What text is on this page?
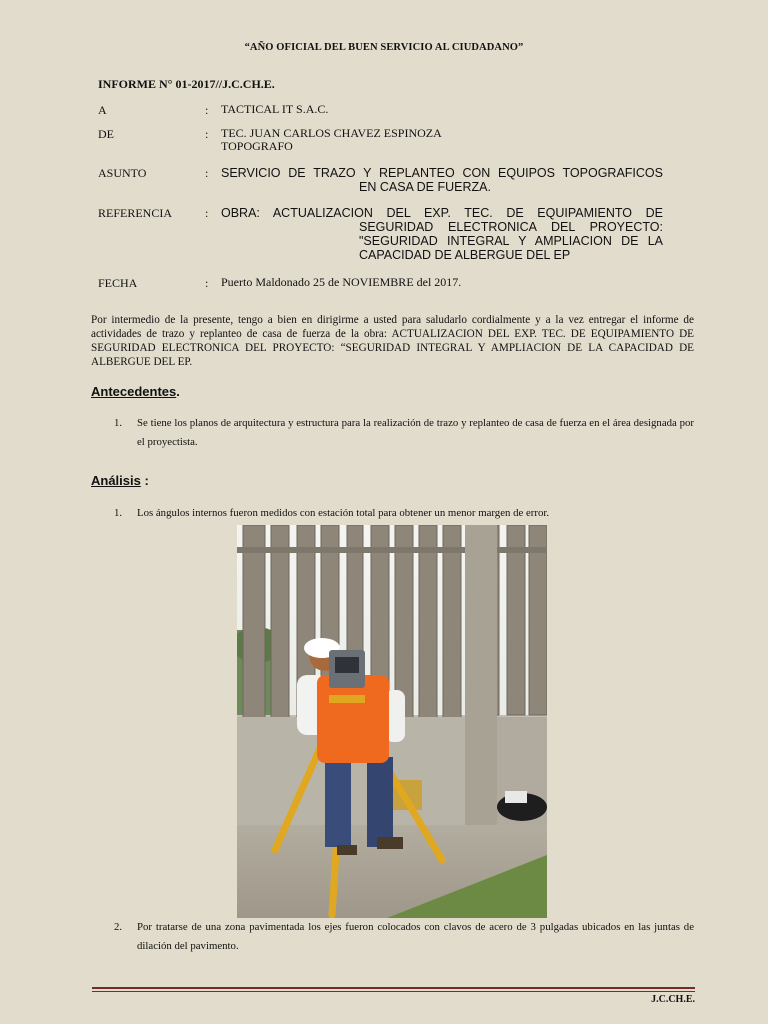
“AÑO OFICIAL DEL BUEN SERVICIO AL CIUDADANO”
INFORME N° 01-2017//J.C.CH.E.
A	: TACTICAL IT S.A.C.
DE	: TEC. JUAN CARLOS CHAVEZ ESPINOZA
TOPOGRAFO
ASUNTO	: SERVICIO DE TRAZO Y REPLANTEO CON EQUIPOS TOPOGRAFICOS
EN CASA DE FUERZA.
REFERENCIA	: OBRA: ACTUALIZACION DEL EXP. TEC. DE EQUIPAMIENTO DE
SEGURIDAD ELECTRONICA DEL PROYECTO:
"SEGURIDAD INTEGRAL Y AMPLIACION DE LA
CAPACIDAD DE ALBERGUE DEL EP
FECHA	: Puerto Maldonado 25 de NOVIEMBRE del 2017.
Por intermedio de la presente, tengo a bien en dirigirme a usted para saludarlo cordialmente y a la vez entregar el informe de actividades de trazo y replanteo de casa de fuerza de la obra: ACTUALIZACION DEL EXP. TEC. DE EQUIPAMIENTO DE SEGURIDAD ELECTRONICA DEL PROYECTO: “SEGURIDAD INTEGRAL Y AMPLIACION DE LA CAPACIDAD DE ALBERGUE DEL EP.
Antecedentes.
1. Se tiene los planos de arquitectura y estructura para la realización de trazo y replanteo de casa de fuerza en el área designada por el proyectista.
Análisis :
1. Los ángulos internos fueron medidos con estación total para obtener un menor margen de error.
2. Por tratarse de una zona pavimentada los ejes fueron colocados con clavos de acero de 3 pulgadas ubicados en las juntas de dilación del pavimento.
J.C.CH.E.
